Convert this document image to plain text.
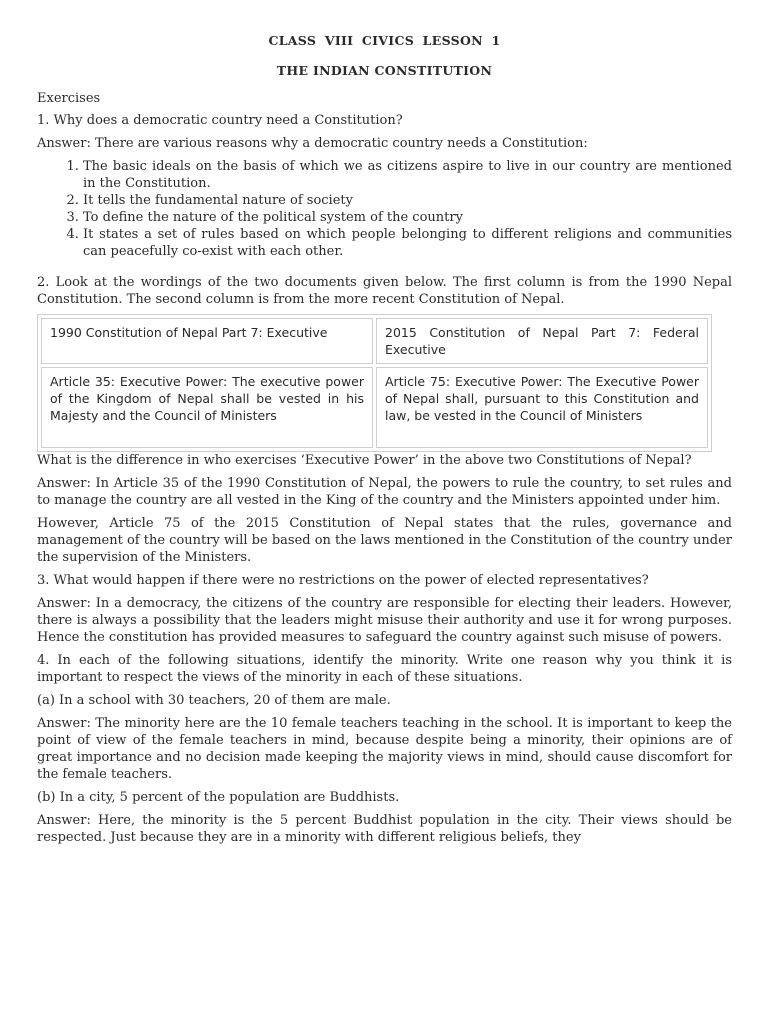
CLASS VIII CIVICS LESSON 1
THE INDIAN CONSTITUTION

Exercises

1. Why does a democratic country need a Constitution?

Answer: There are various reasons why a democratic country needs a Constitution:

1. The basic ideals on the basis of which we as citizens aspire to live in our country are mentioned in the Constitution.
2. It tells the fundamental nature of society
3. To define the nature of the political system of the country
4. It states a set of rules based on which people belonging to different religions and communities can peacefully co-exist with each other.

2. Look at the wordings of the two documents given below. The first column is from the 1990 Nepal Constitution. The second column is from the more recent Constitution of Nepal.

1990 Constitution of Nepal Part 7: Executive	2015 Constitution of Nepal Part 7: Federal Executive
Article 35: Executive Power: The executive power of the Kingdom of Nepal shall be vested in his Majesty and the Council of Ministers	Article 75: Executive Power: The Executive Power of Nepal shall, pursuant to this Constitution and law, be vested in the Council of Ministers

What is the difference in who exercises ‘Executive Power’ in the above two Constitutions of Nepal?

Answer: In Article 35 of the 1990 Constitution of Nepal, the powers to rule the country, to set rules and to manage the country are all vested in the King of the country and the Ministers appointed under him.

However, Article 75 of the 2015 Constitution of Nepal states that the rules, governance and management of the country will be based on the laws mentioned in the Constitution of the country under the supervision of the Ministers.

3. What would happen if there were no restrictions on the power of elected representatives?

Answer: In a democracy, the citizens of the country are responsible for electing their leaders. However, there is always a possibility that the leaders might misuse their authority and use it for wrong purposes. Hence the constitution has provided measures to safeguard the country against such misuse of powers.

4. In each of the following situations, identify the minority. Write one reason why you think it is important to respect the views of the minority in each of these situations.

(a) In a school with 30 teachers, 20 of them are male.

Answer: The minority here are the 10 female teachers teaching in the school. It is important to keep the point of view of the female teachers in mind, because despite being a minority, their opinions are of great importance and no decision made keeping the majority views in mind, should cause discomfort for the female teachers.

(b) In a city, 5 percent of the population are Buddhists.

Answer: Here, the minority is the 5 percent Buddhist population in the city. Their views should be respected. Just because they are in a minority with different religious beliefs, they
